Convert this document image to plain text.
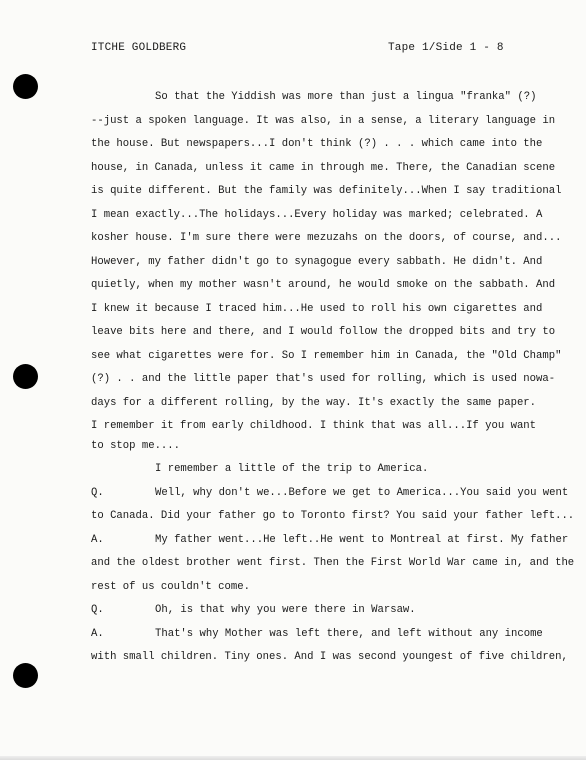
ITCHE GOLDBERG	Tape 1/Side 1 - 8
So that the Yiddish was more than just a lingua "franka" (?)
--just a spoken language. It was also, in a sense, a literary language in
the house. But newspapers...I don't think (?) . . . which came into the
house, in Canada, unless it came in through me. There, the Canadian scene
is quite different. But the family was definitely...When I say traditional
I mean exactly...The holidays...Every holiday was marked; celebrated. A
kosher house. I'm sure there were mezuzahs on the doors, of course, and...
However, my father didn't go to synagogue every sabbath. He didn't. And
quietly, when my mother wasn't around, he would smoke on the sabbath. And
I knew it because I traced him...He used to roll his own cigarettes and
leave bits here and there, and I would follow the dropped bits and try to
see what cigarettes were for. So I remember him in Canada, the "Old Champ"
(?) . . and the little paper that's used for rolling, which is used nowa-
days for a different rolling, by the way. It's exactly the same paper.
I remember it from early childhood. I think that was all...If you want
to stop me....
I remember a little of the trip to America.
Q.	Well, why don't we...Before we get to America...You said you went
to Canada. Did your father go to Toronto first? You said your father left...
A.	My father went...He left..He went to Montreal at first. My father
and the oldest brother went first. Then the First World War came in, and the
rest of us couldn't come.
Q.	Oh, is that why you were there in Warsaw.
A.	That's why Mother was left there, and left without any income
with small children. Tiny ones. And I was second youngest of five children,
